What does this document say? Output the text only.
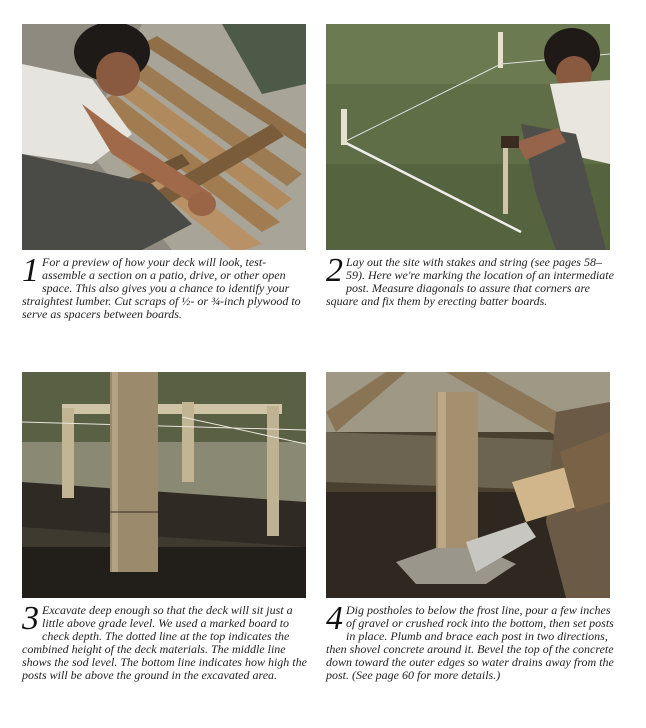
1 For a preview of how your deck will look, test-assemble a section on a patio, drive, or other open space. This also gives you a chance to identify your straightest lumber. Cut scraps of ½- or ¾-inch plywood to serve as spacers between boards.
2 Lay out the site with stakes and string (see pages 58–59). Here we're marking the location of an intermediate post. Measure diagonals to assure that corners are square and fix them by erecting batter boards.
3 Excavate deep enough so that the deck will sit just a little above grade level. We used a marked board to check depth. The dotted line at the top indicates the combined height of the deck materials. The middle line shows the sod level. The bottom line indicates how high the posts will be above the ground in the excavated area.
4 Dig postholes to below the frost line, pour a few inches of gravel or crushed rock into the bottom, then set posts in place. Plumb and brace each post in two directions, then shovel concrete around it. Bevel the top of the concrete down toward the outer edges so water drains away from the post. (See page 60 for more details.)
